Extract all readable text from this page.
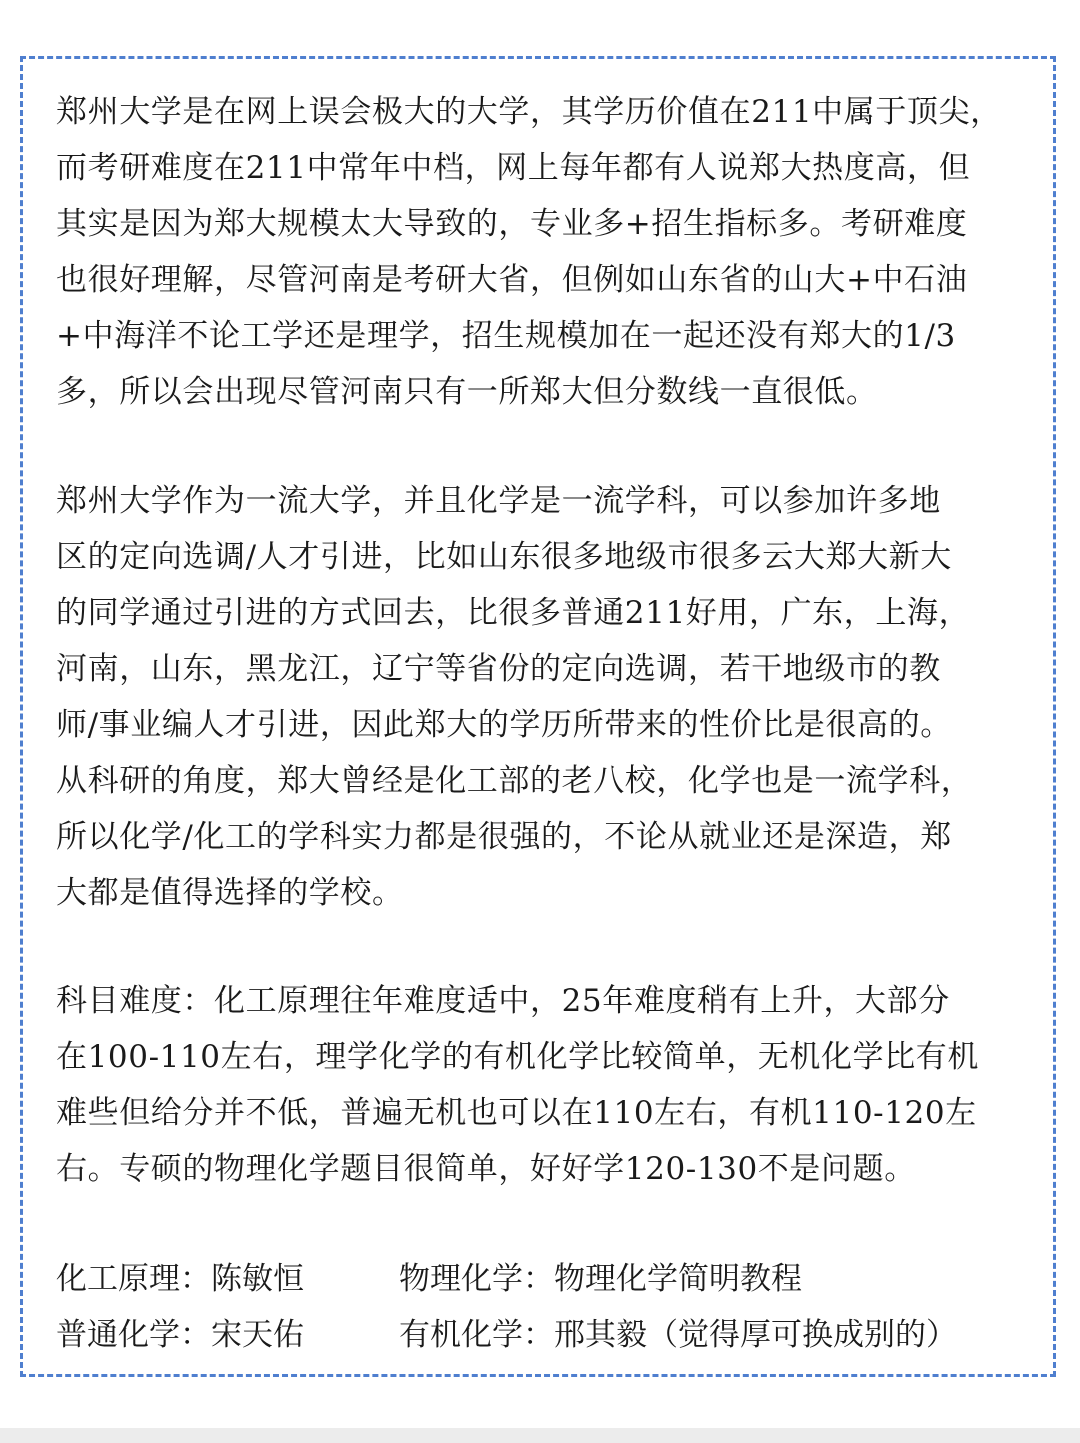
郑州大学是在网上误会极大的大学，其学历价值在211中属于顶尖，
而考研难度在211中常年中档，网上每年都有人说郑大热度高，但
其实是因为郑大规模太大导致的，专业多+招生指标多。考研难度
也很好理解，尽管河南是考研大省，但例如山东省的山大+中石油
+中海洋不论工学还是理学，招生规模加在一起还没有郑大的1/3
多，所以会出现尽管河南只有一所郑大但分数线一直很低。
郑州大学作为一流大学，并且化学是一流学科，可以参加许多地
区的定向选调/人才引进，比如山东很多地级市很多云大郑大新大
的同学通过引进的方式回去，比很多普通211好用，广东，上海，
河南，山东，黑龙江，辽宁等省份的定向选调，若干地级市的教
师/事业编人才引进，因此郑大的学历所带来的性价比是很高的。
从科研的角度，郑大曾经是化工部的老八校，化学也是一流学科，
所以化学/化工的学科实力都是很强的，不论从就业还是深造，郑
大都是值得选择的学校。
科目难度：化工原理往年难度适中，25年难度稍有上升，大部分
在100-110左右，理学化学的有机化学比较简单，无机化学比有机
难些但给分并不低，普遍无机也可以在110左右，有机110-120左
右。专硕的物理化学题目很简单，好好学120-130不是问题。
化工原理：陈敏恒	物理化学：物理化学简明教程
普通化学：宋天佑	有机化学：邢其毅（觉得厚可换成别的）
